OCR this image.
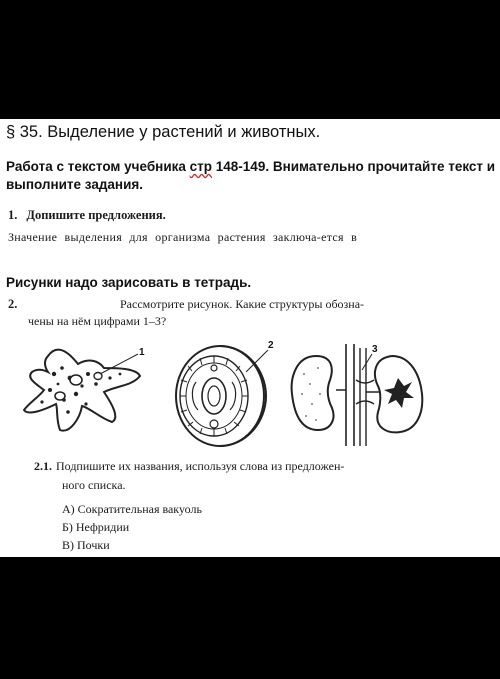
§ 35. Выделение у растений и животных.
Работа с текстом учебника стр 148-149. Внимательно прочитайте текст и выполните задания.
1. Допишите предложения.
Значение выделения для организма растения заключа-ется в
Рисунки надо зарисовать в тетрадь.
2.	Рассмотрите рисунок. Какие структуры обозна-
чены на нём цифрами 1–3?
1
2	3
2.1. Подпишите их названия, используя слова из предложен-
ного списка.
А) Сократительная вакуоль
Б) Нефридии
В) Почки
